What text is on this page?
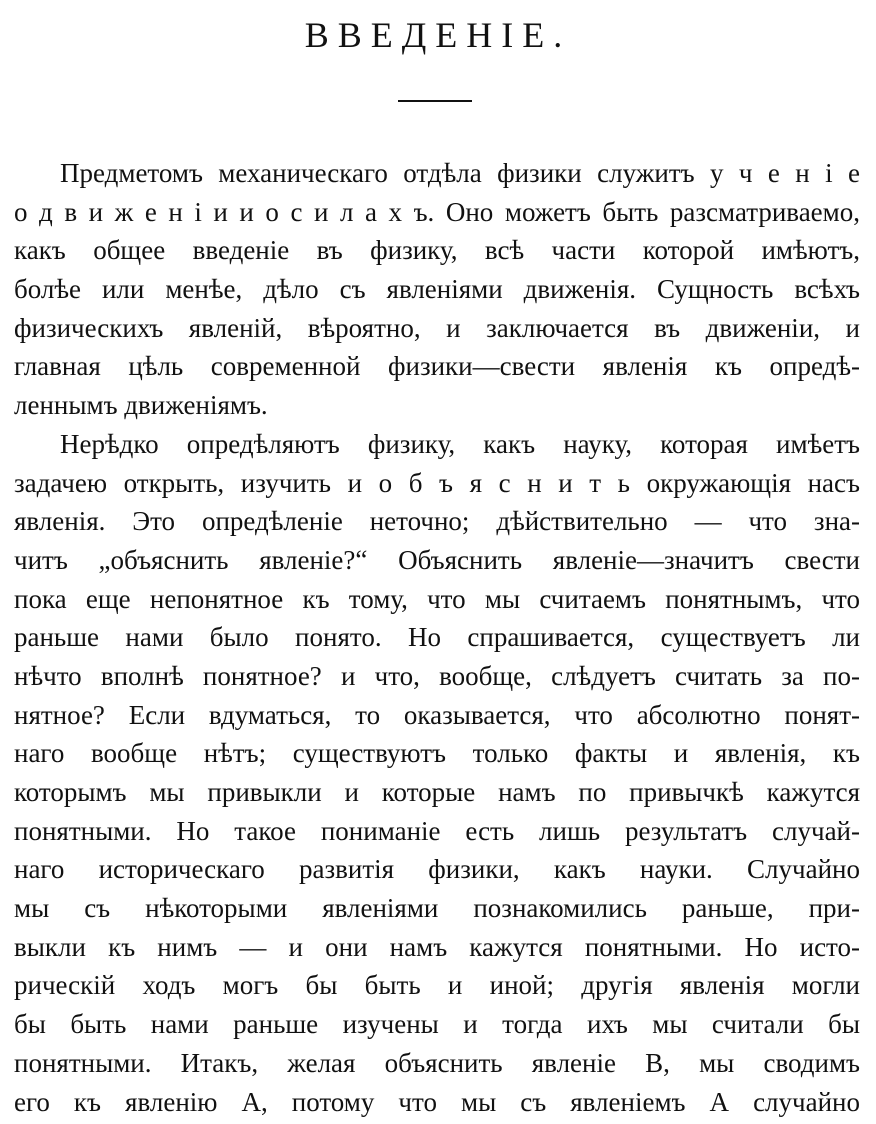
ВВЕДЕНIЕ.
Предметомъ механическаго отдѣла физики служитъ у ч е н і е
о д в и ж е н і и и о с и л а х ъ. Оно можетъ быть разсматриваемо,
какъ общее введеніе въ физику, всѣ части которой имѣютъ,
болѣе или менѣе, дѣло съ явленіями движенія. Сущность всѣхъ
физическихъ явленій, вѣроятно, и заключается въ движеніи, и
главная цѣль современной физики—свести явленія къ опредѣ-
леннымъ движеніямъ.
Нерѣдко опредѣляютъ физику, какъ науку, которая имѣетъ
задачею открыть, изучить и о б ъ я с н и т ь окружающія насъ
явленія. Это опредѣленіе неточно; дѣйствительно — что зна-
читъ „объяснить явленіе?“ Объяснить явленіе—значитъ свести
пока еще непонятное къ тому, что мы считаемъ понятнымъ, что
раньше нами было понято. Но спрашивается, существуетъ ли
нѣчто вполнѣ понятное? и что, вообще, слѣдуетъ считать за по-
нятное? Если вдуматься, то оказывается, что абсолютно понят-
наго вообще нѣтъ; существуютъ только факты и явленія, къ
которымъ мы привыкли и которые намъ по привычкѣ кажутся
понятными. Но такое пониманіе есть лишь результатъ случай-
наго историческаго развитія физики, какъ науки. Случайно
мы съ нѣкоторыми явленіями познакомились раньше, при-
выкли къ нимъ — и они намъ кажутся понятными. Но исто-
рическій ходъ могъ бы быть и иной; другія явленія могли
бы быть нами раньше изучены и тогда ихъ мы считали бы
понятными. Итакъ, желая объяснить явленіе В, мы сводимъ
его къ явленію А, потому что мы съ явленіемъ А случайно
